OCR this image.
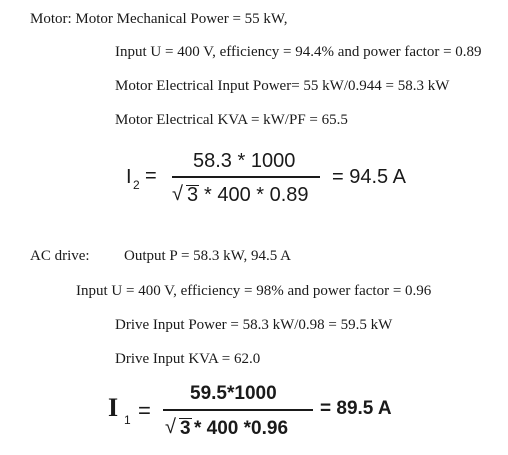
Motor: Motor Mechanical Power = 55 kW,
Input U = 400 V, efficiency = 94.4% and power factor = 0.89
Motor Electrical Input Power= 55 kW/0.944 = 58.3 kW
Motor Electrical KVA = kW/PF = 65.5
I 2 =
58.3 * 1000
√ 3 * 400 * 0.89
= 94.5 A
AC drive: Output P = 58.3 kW, 94.5 A
Input U = 400 V, efficiency = 98% and power factor = 0.96
Drive Input Power = 58.3 kW/0.98 = 59.5 kW
Drive Input KVA = 62.0
I 1 =
59.5*1000
√ 3 * 400 *0.96
= 89.5 A
